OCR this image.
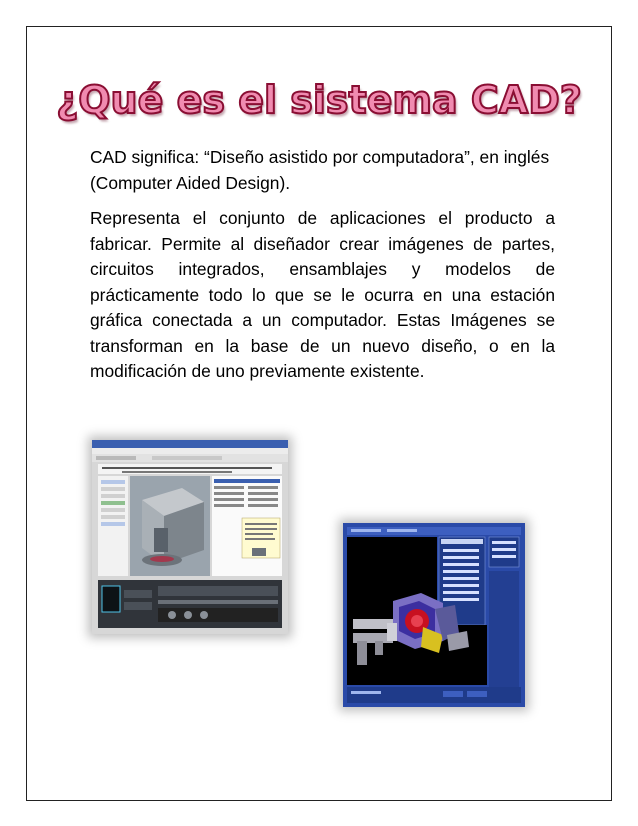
¿Qué es el sistema CAD?
CAD significa: “Diseño asistido por computadora”, en inglés (Computer Aided Design).
Representa el conjunto de aplicaciones el producto a fabricar. Permite al diseñador crear imágenes de partes, circuitos integrados, ensamblajes y modelos de prácticamente todo lo que se le ocurra en una estación gráfica conectada a un computador. Estas Imágenes se transforman en la base de un nuevo diseño, o en la modificación de uno previamente existente.
